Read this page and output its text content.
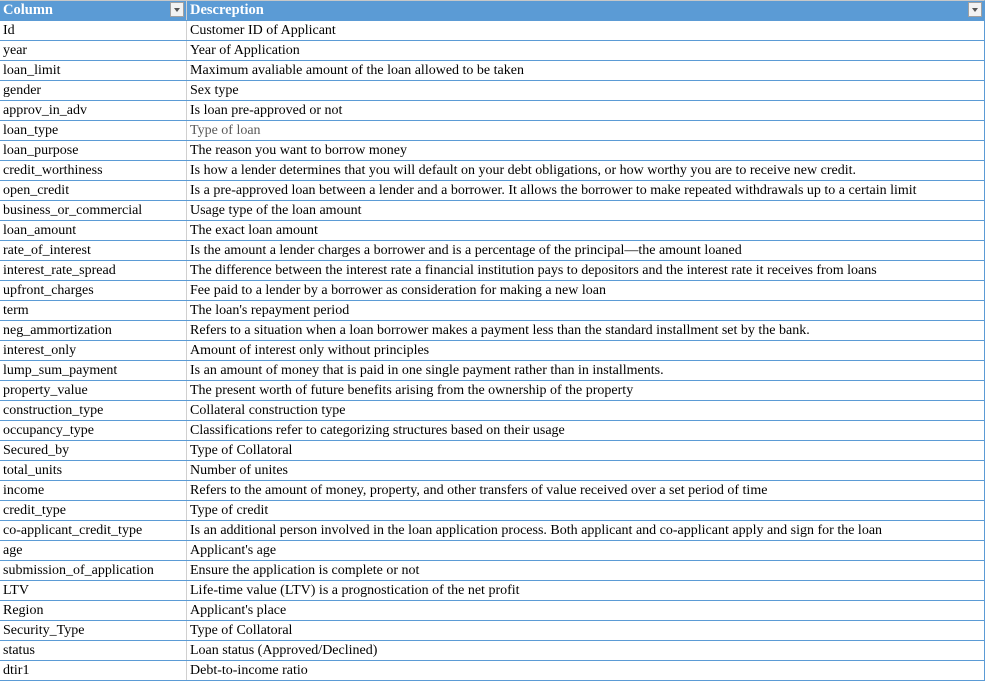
Column	Descreption
Id	Customer ID of Applicant
year	Year of Application
loan_limit	Maximum avaliable amount of the loan allowed to be taken
gender	Sex type
approv_in_adv	Is loan pre-approved or not
loan_type	Type of loan
loan_purpose	The reason you want to borrow money
credit_worthiness	Is how a lender determines that you will default on your debt obligations, or how worthy you are to receive new credit.
open_credit	Is a pre-approved loan between a lender and a borrower. It allows the borrower to make repeated withdrawals up to a certain limit
business_or_commercial	Usage type of the loan amount
loan_amount	The exact loan amount
rate_of_interest	Is the amount a lender charges a borrower and is a percentage of the principal—the amount loaned
interest_rate_spread	The difference between the interest rate a financial institution pays to depositors and the interest rate it receives from loans
upfront_charges	Fee paid to a lender by a borrower as consideration for making a new loan
term	The loan's repayment period
neg_ammortization	Refers to a situation when a loan borrower makes a payment less than the standard installment set by the bank.
interest_only	Amount of interest only without principles
lump_sum_payment	Is an amount of money that is paid in one single payment rather than in installments.
property_value	The present worth of future benefits arising from the ownership of the property
construction_type	Collateral construction type
occupancy_type	Classifications refer to categorizing structures based on their usage
Secured_by	Type of Collatoral
total_units	Number of unites
income	Refers to the amount of money, property, and other transfers of value received over a set period of time
credit_type	Type of credit
co-applicant_credit_type	Is an additional person involved in the loan application process. Both applicant and co-applicant apply and sign for the loan
age	Applicant's age
submission_of_application	Ensure the application is complete or not
LTV	Life-time value (LTV) is a prognostication of the net profit
Region	Applicant's place
Security_Type	Type of Collatoral
status	Loan status (Approved/Declined)
dtir1	Debt-to-income ratio
